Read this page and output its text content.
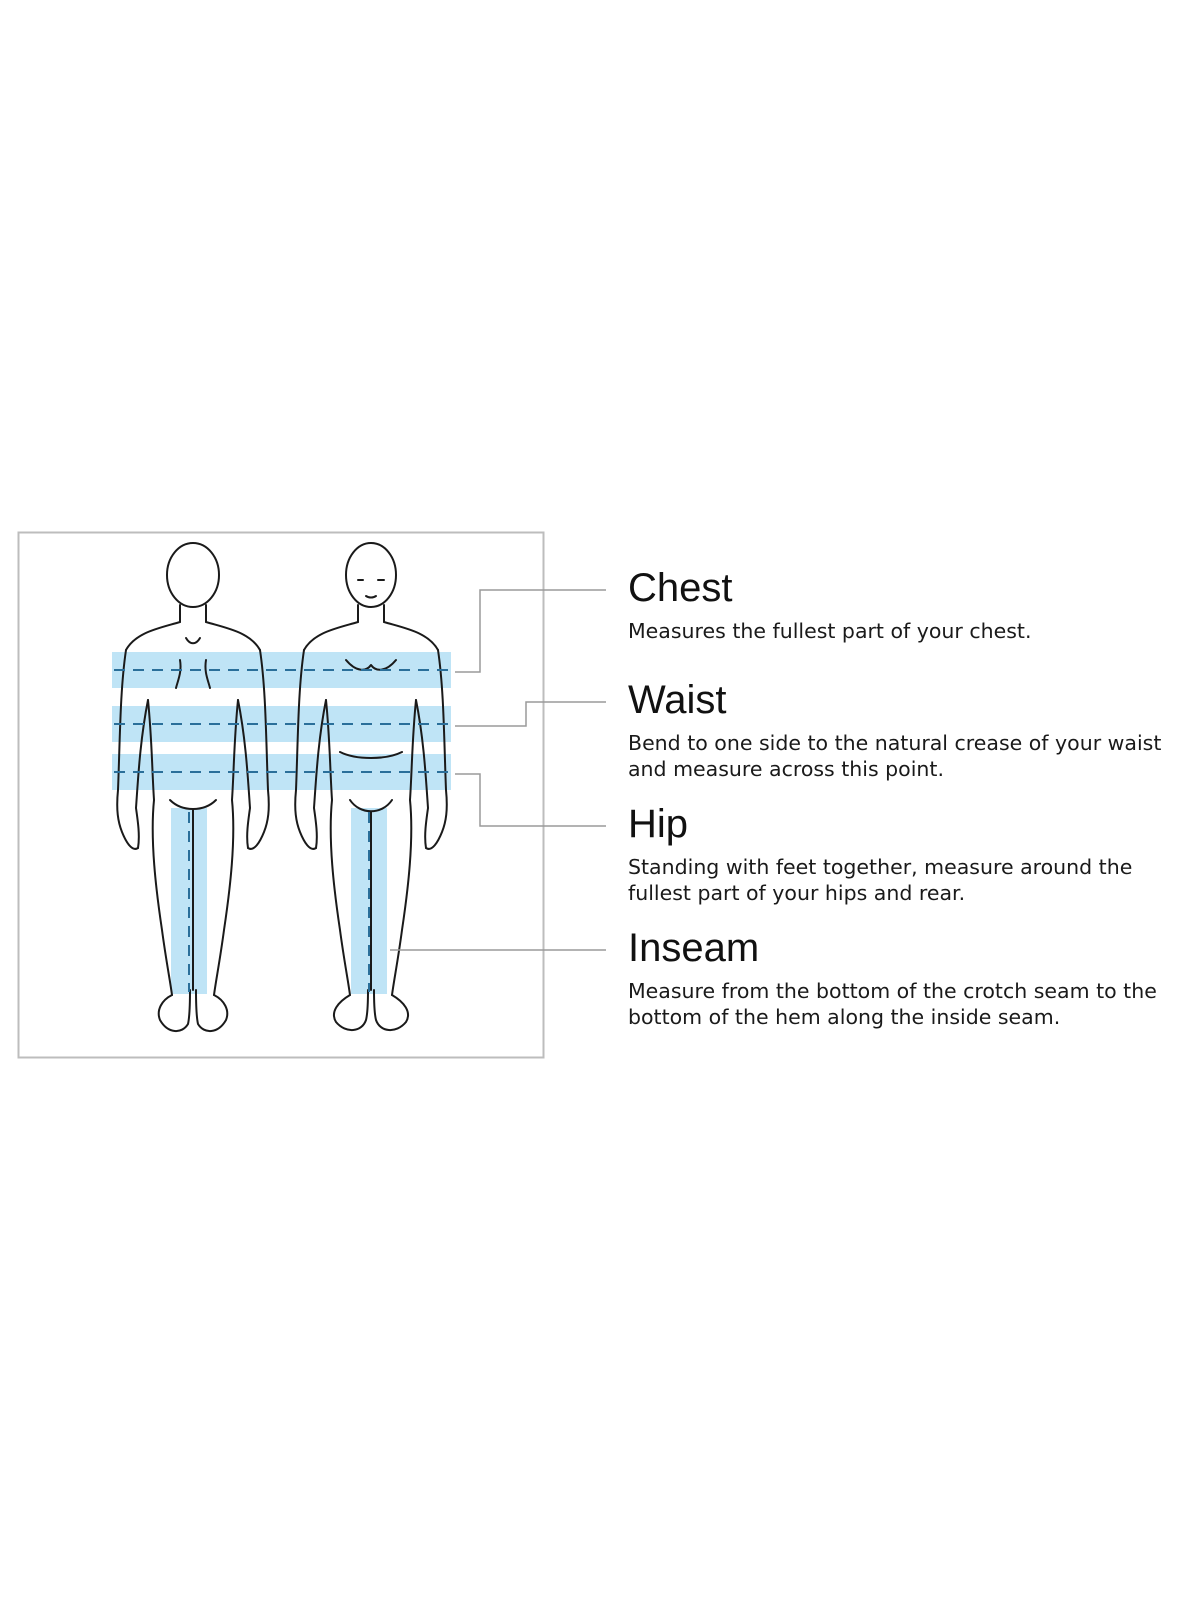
Chest

Measures the fullest part of your chest.

Waist

Bend to one side to the natural crease of your waist and measure across this point.

Hip

Standing with feet together, measure around the fullest part of your hips and rear.

Inseam

Measure from the bottom of the crotch seam to the bottom of the hem along the inside seam.
